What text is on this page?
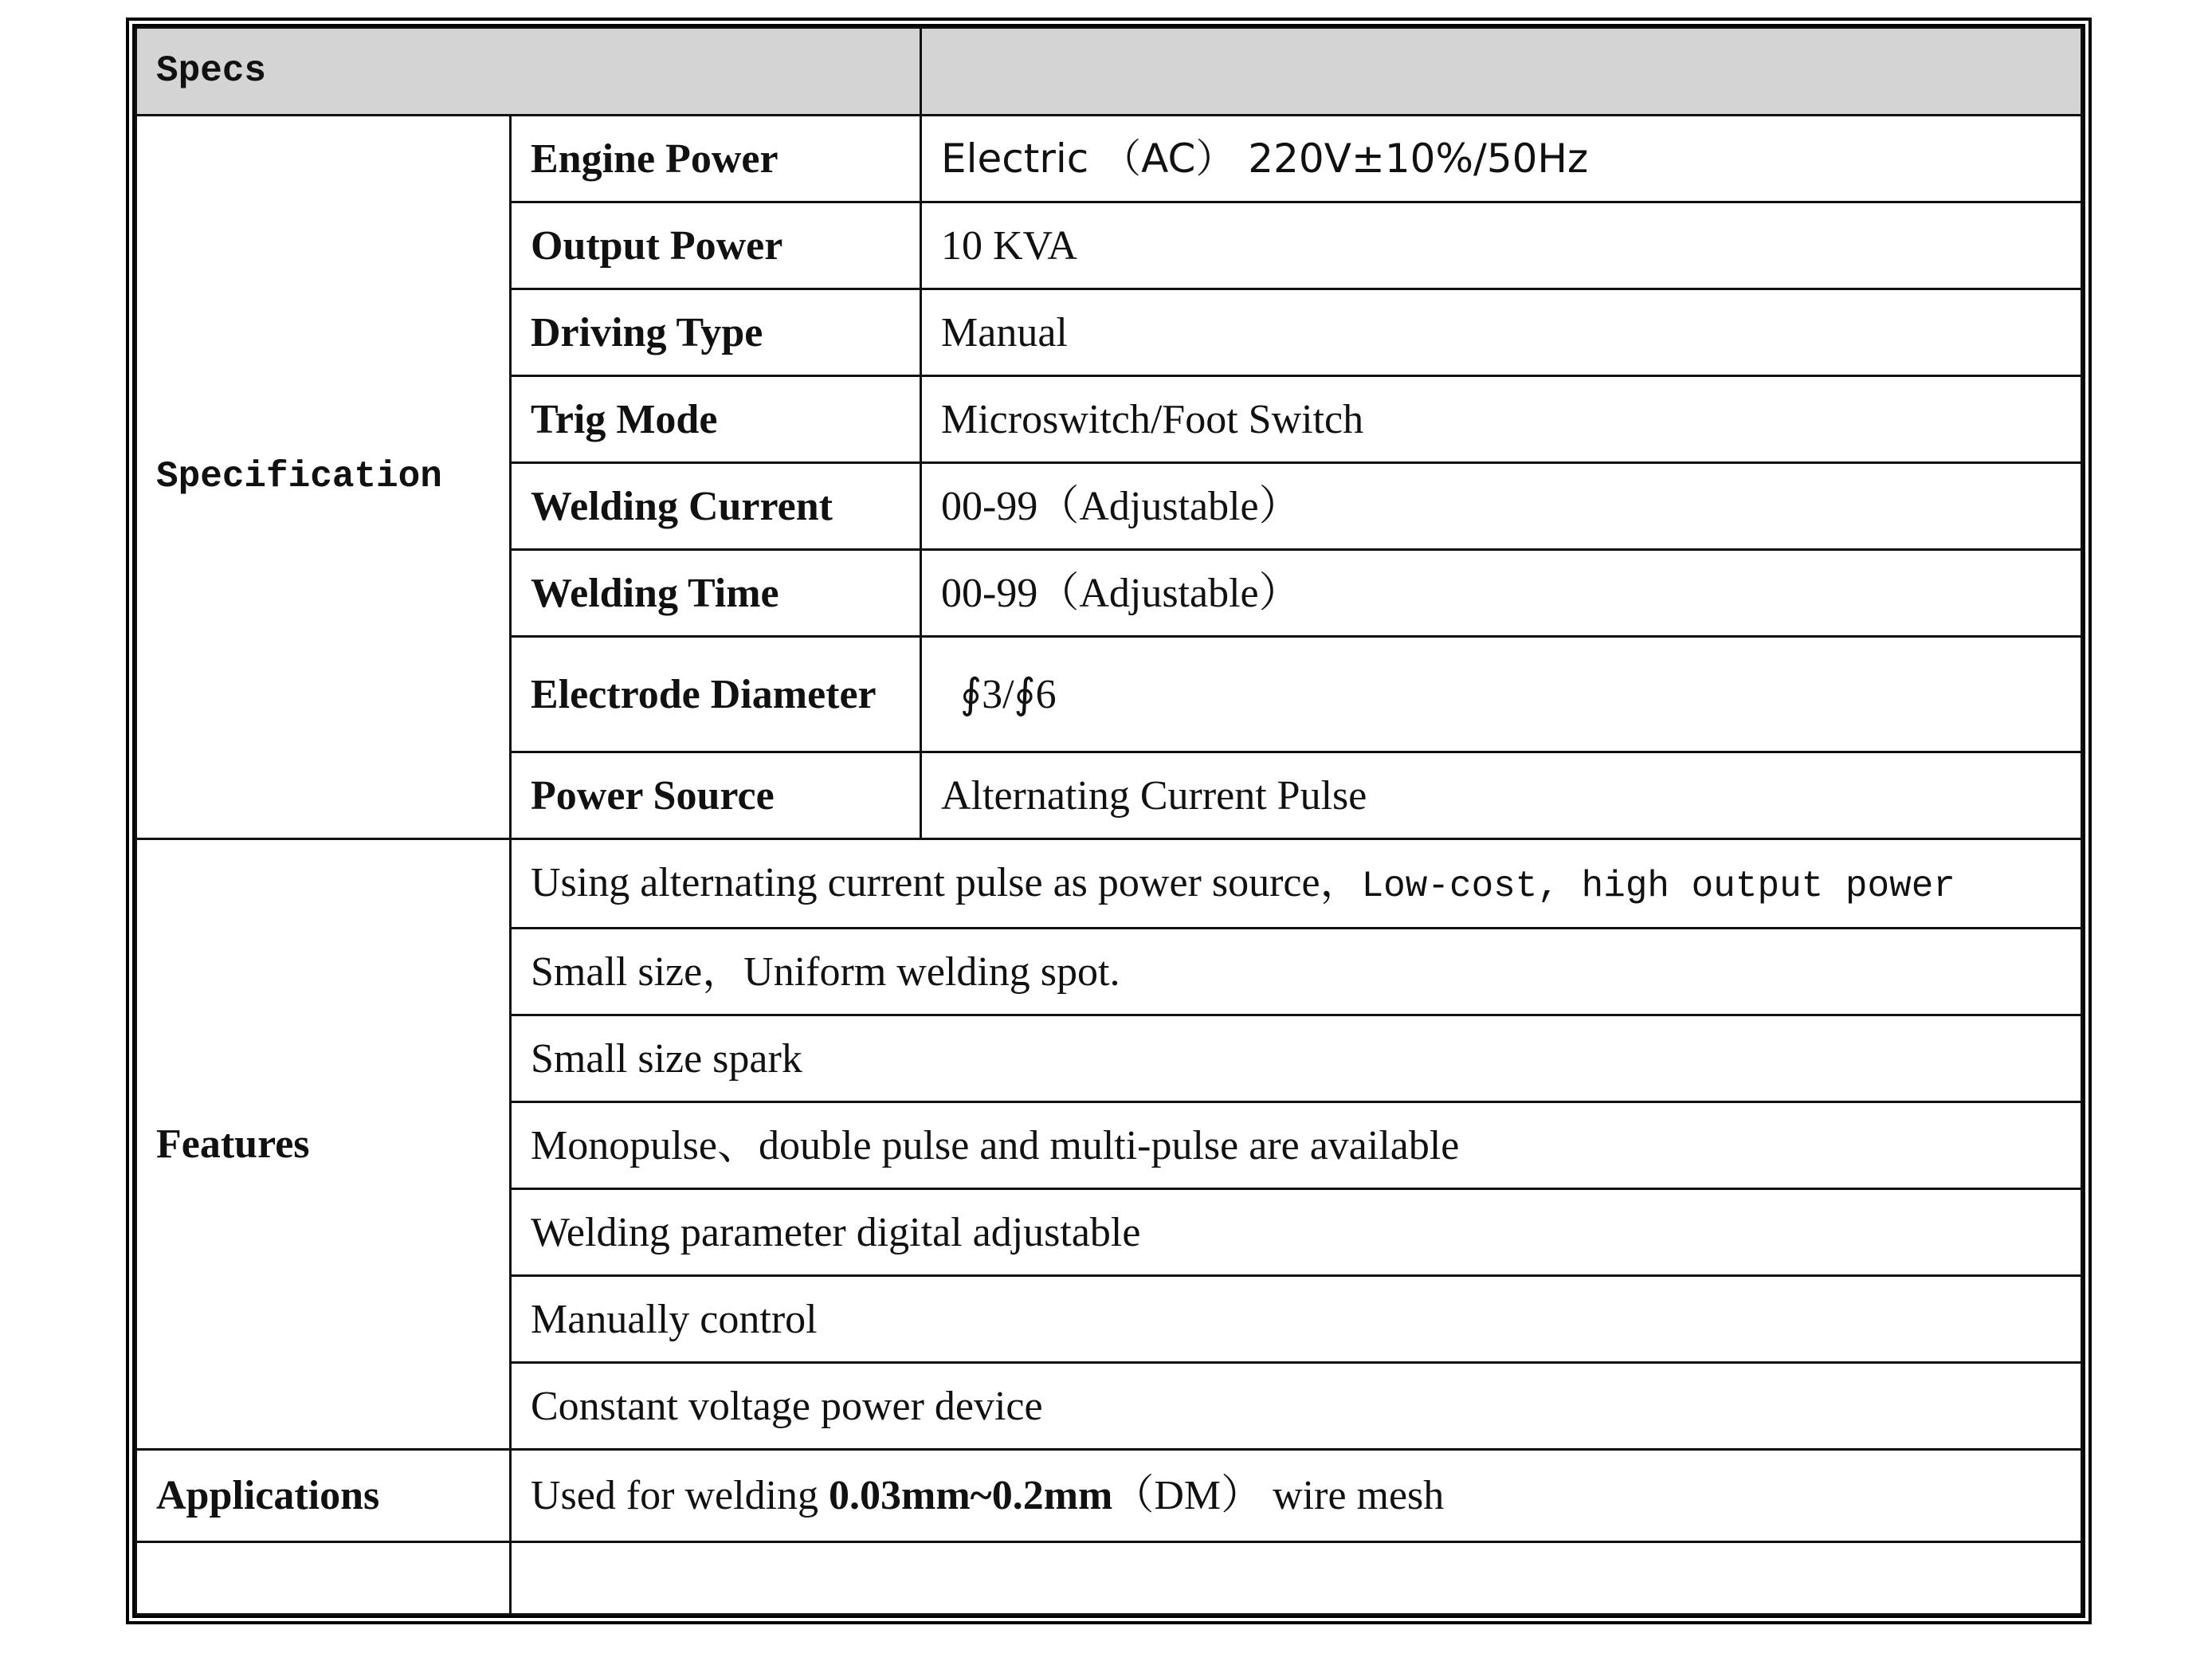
Specs		
Specification	Engine Power	Electric （AC） 220V±10%/50Hz
	Output Power	10 KVA
	Driving Type	Manual
	Trig Mode	Microswitch/Foot Switch
	Welding Current	00-99（Adjustable）
	Welding Time	00-99（Adjustable）
	Electrode Diameter	∮3/∮6
	Power Source	Alternating Current Pulse
Features	Using alternating current pulse as power source，Low-cost, high output power	
	Small size，Uniform welding spot.	
	Small size spark	
	Monopulse、double pulse and multi-pulse are available	
	Welding parameter digital adjustable	
	Manually control	
	Constant voltage power device	
Applications	Used for welding 0.03mm~0.2mm（DM） wire mesh	
